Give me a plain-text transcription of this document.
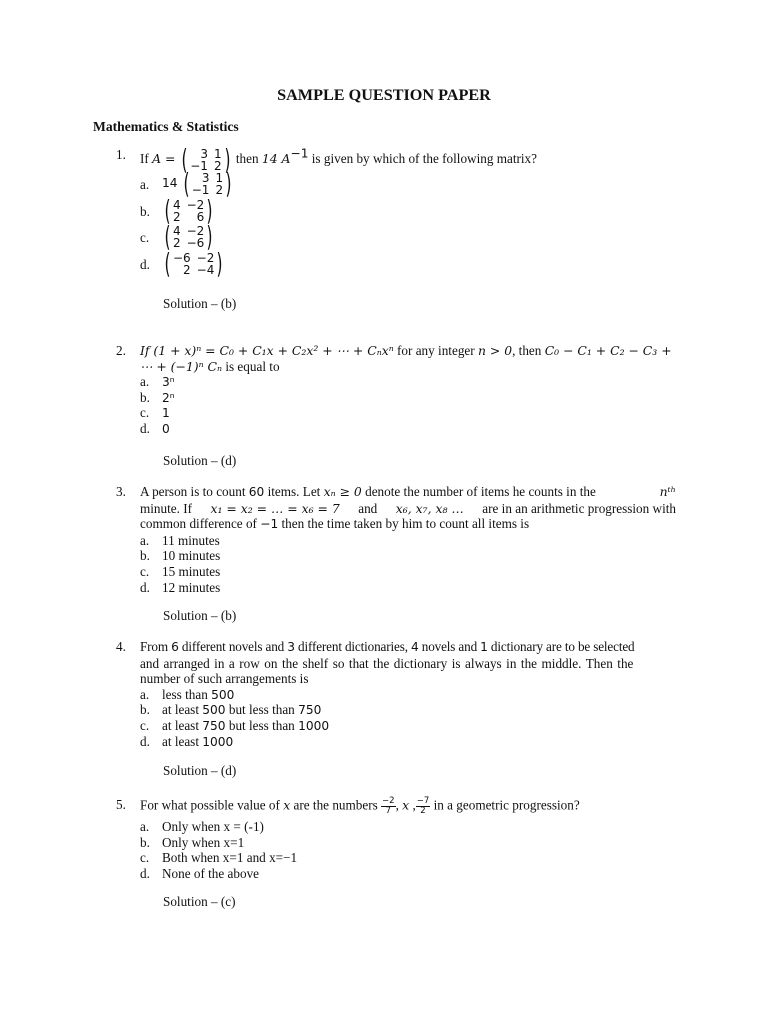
SAMPLE QUESTION PAPER
Mathematics & Statistics
1. If A = (	3 1
−1 2 ) then 14 $A^{-1}$ is given by which of the following matrix?
a. 14 (	3 1
−1 2 )
b. ( 4 −2
2	6 )
c. ( 4 −2
2 −6 )
d. ( −6 −2
2 −4 )
Solution – (b)
2. If (1 + x)ⁿ = C₀ + C₁x + C₂x² + ⋯ + Cₙxⁿ for any integer n > 0, then C₀ − C₁ + C₂ − C₃ +
⋯ + (−1)ⁿ Cₙ is equal to
a. 3ⁿ
b. 2ⁿ
c. 1
d. 0
Solution – (d)
3. A person is to count 60 items. Let xₙ ≥ 0 denote the number of items he counts in the	nᵗʰ
minute. If x₁ = x₂ = … = x₆ = 7 and x₆, x₇, x₈ … are in an arithmetic progression with
common difference of −1 then the time taken by him to count all items is
a. 11 minutes
b. 10 minutes
c. 15 minutes
d. 12 minutes
Solution – (b)
4. From 6 different novels and 3 different dictionaries, 4 novels and 1 dictionary are to be selected
and arranged in a row on the shelf so that the dictionary is always in the middle. Then the
number of such arrangements is
a. less than 500
b. at least 500 but less than 750
c. at least 750 but less than 1000
d. at least 1000
Solution – (d)
5. For what possible value of x are the numbers $\frac{-2}{7}$ , x , $\frac{-7}{2}$ in a geometric progression?
a. Only when x = (-1)
b. Only when x=1
c. Both when x=1 and x=−1
d. None of the above
Solution – (c)
